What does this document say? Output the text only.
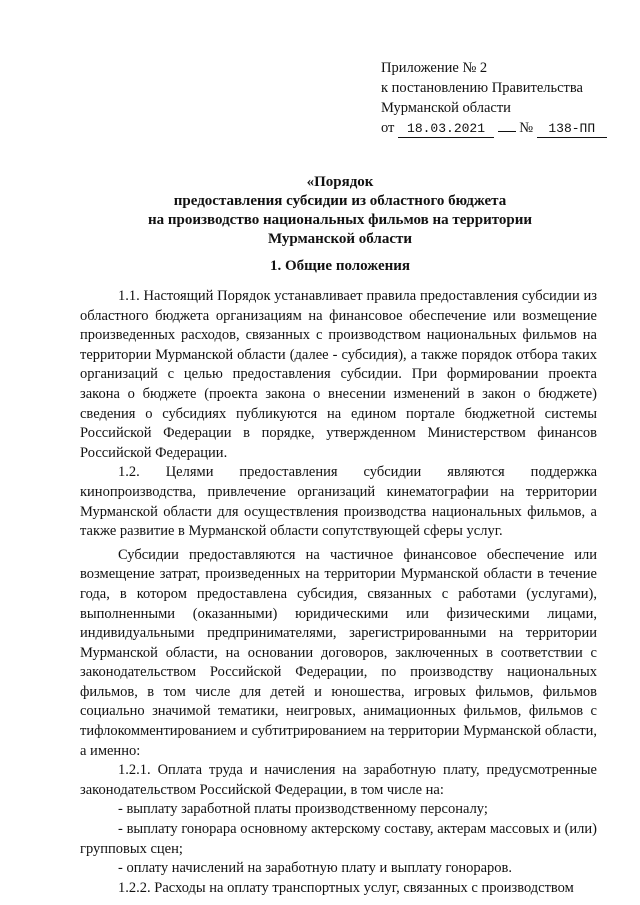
Приложение № 2
к постановлению Правительства
Мурманской области
от 18.03.2021 № 138-ПП
«Порядок
предоставления субсидии из областного бюджета
на производство национальных фильмов на территории
Мурманской области
1. Общие положения

1.1. Настоящий Порядок устанавливает правила предоставления субсидии из областного бюджета организациям на финансовое обеспечение или возмещение произведенных расходов, связанных с производством национальных фильмов на территории Мурманской области (далее - субсидия), а также порядок отбора таких организаций с целью предоставления субсидии. При формировании проекта закона о бюджете (проекта закона о внесении изменений в закон о бюджете) сведения о субсидиях публикуются на едином портале бюджетной системы Российской Федерации в порядке, утвержденном Министерством финансов Российской Федерации.

1.2. Целями предоставления субсидии являются поддержка кинопроизводства, привлечение организаций кинематографии на территории Мурманской области для осуществления производства национальных фильмов, а также развитие в Мурманской области сопутствующей сферы услуг.

Субсидии предоставляются на частичное финансовое обеспечение или возмещение затрат, произведенных на территории Мурманской области в течение года, в котором предоставлена субсидия, связанных с работами (услугами), выполненными (оказанными) юридическими или физическими лицами, индивидуальными предпринимателями, зарегистрированными на территории Мурманской области, на основании договоров, заключенных в соответствии с законодательством Российской Федерации, по производству национальных фильмов, в том числе для детей и юношества, игровых фильмов, фильмов социально значимой тематики, неигровых, анимационных фильмов, фильмов с тифлокомментированием и субтитрированием на территории Мурманской области, а именно:

1.2.1. Оплата труда и начисления на заработную плату, предусмотренные законодательством Российской Федерации, в том числе на:

- выплату заработной платы производственному персоналу;

- выплату гонорара основному актерскому составу, актерам массовых и (или) групповых сцен;

- оплату начислений на заработную плату и выплату гонораров.

1.2.2. Расходы на оплату транспортных услуг, связанных с производством
